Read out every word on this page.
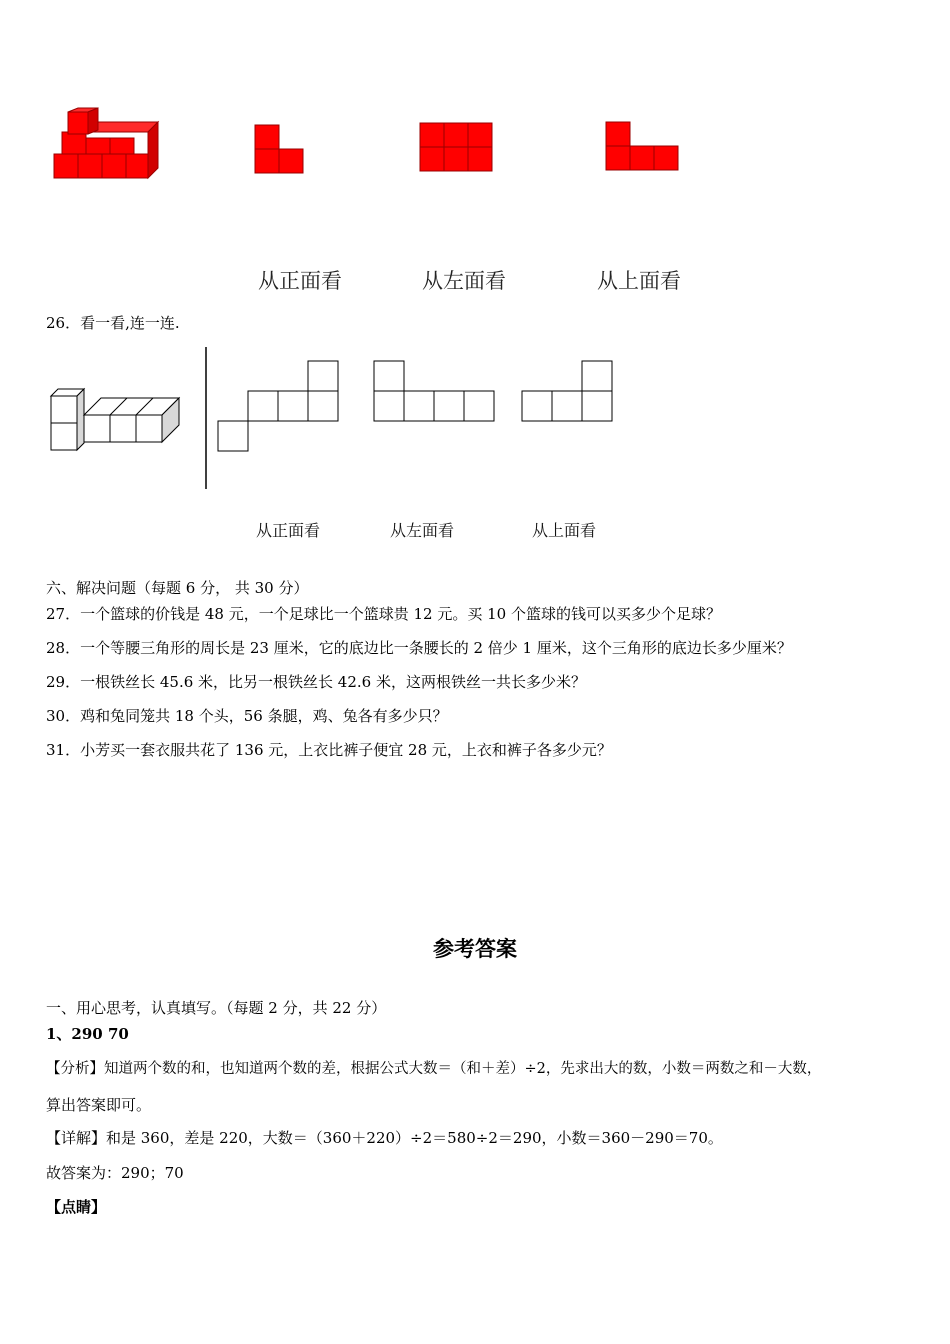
从正面看	从左面看	从上面看
26．看一看,连一连.
从正面看	从左面看	从上面看
六、解决问题（每题 6 分， 共 30 分）
27．一个篮球的价钱是 48 元，一个足球比一个篮球贵 12 元。买 10 个篮球的钱可以买多少个足球？
28．一个等腰三角形的周长是 23 厘米，它的底边比一条腰长的 2 倍少 1 厘米，这个三角形的底边长多少厘米？
29．一根铁丝长 45.6 米，比另一根铁丝长 42.6 米，这两根铁丝一共长多少米？
30．鸡和兔同笼共 18 个头，56 条腿，鸡、兔各有多少只？
31．小芳买一套衣服共花了 136 元，上衣比裤子便宜 28 元，上衣和裤子各多少元？
参考答案
一、用心思考，认真填写。（每题 2 分，共 22 分）
1、290 70
【分析】知道两个数的和，也知道两个数的差，根据公式大数＝（和＋差）÷2，先求出大的数，小数＝两数之和－大数，
算出答案即可。
【详解】和是 360，差是 220，大数＝（360＋220）÷2＝580÷2＝290，小数＝360－290＝70。
故答案为：290；70
【点睛】
